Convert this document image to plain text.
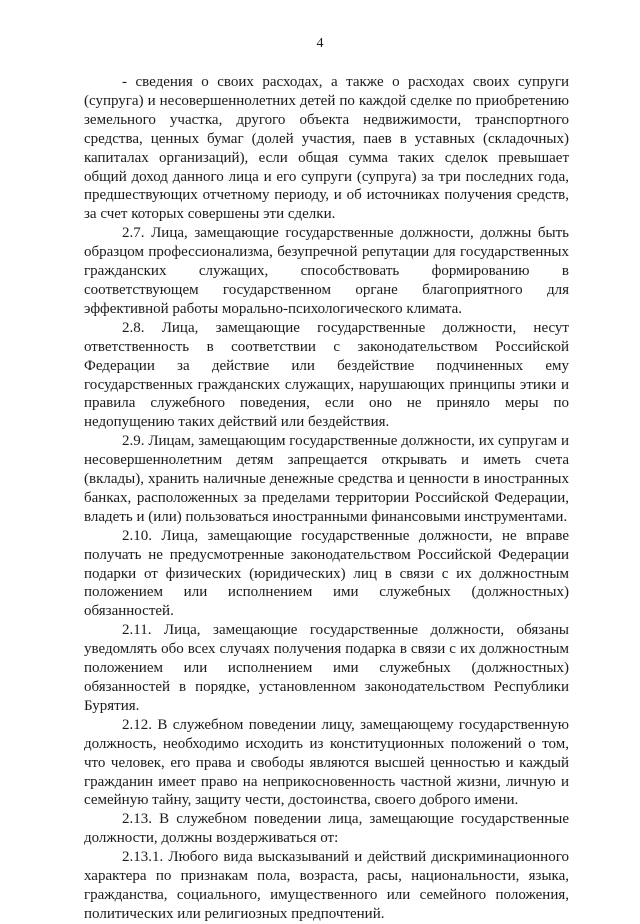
4

- сведения о своих расходах, а также о расходах своих супруги (супруга) и несовершеннолетних детей по каждой сделке по приобретению земельного участка, другого объекта недвижимости, транспортного средства, ценных бумаг (долей участия, паев в уставных (складочных) капиталах организаций), если общая сумма таких сделок превышает общий доход данного лица и его супруги (супруга) за три последних года, предшествующих отчетному периоду, и об источниках получения средств, за счет которых совершены эти сделки.

2.7. Лица, замещающие государственные должности, должны быть образцом профессионализма, безупречной репутации для государственных гражданских служащих, способствовать формированию в соответствующем государственном органе благоприятного для эффективной работы морально-психологического климата.

2.8. Лица, замещающие государственные должности, несут ответственность в соответствии с законодательством Российской Федерации за действие или бездействие подчиненных ему государственных гражданских служащих, нарушающих принципы этики и правила служебного поведения, если оно не приняло меры по недопущению таких действий или бездействия.

2.9. Лицам, замещающим государственные должности, их супругам и несовершеннолетним детям запрещается открывать и иметь счета (вклады), хранить наличные денежные средства и ценности в иностранных банках, расположенных за пределами территории Российской Федерации, владеть и (или) пользоваться иностранными финансовыми инструментами.

2.10. Лица, замещающие государственные должности, не вправе получать не предусмотренные законодательством Российской Федерации подарки от физических (юридических) лиц в связи с их должностным положением или исполнением ими служебных (должностных) обязанностей.

2.11. Лица, замещающие государственные должности, обязаны уведомлять обо всех случаях получения подарка в связи с их должностным положением или исполнением ими служебных (должностных) обязанностей в порядке, установленном законодательством Республики Бурятия.

2.12. В служебном поведении лицу, замещающему государственную должность, необходимо исходить из конституционных положений о том, что человек, его права и свободы являются высшей ценностью и каждый гражданин имеет право на неприкосновенность частной жизни, личную и семейную тайну, защиту чести, достоинства, своего доброго имени.

2.13. В служебном поведении лица, замещающие государственные должности, должны воздерживаться от:

2.13.1. Любого вида высказываний и действий дискриминационного характера по признакам пола, возраста, расы, национальности, языка, гражданства, социального, имущественного или семейного положения, политических или религиозных предпочтений.
